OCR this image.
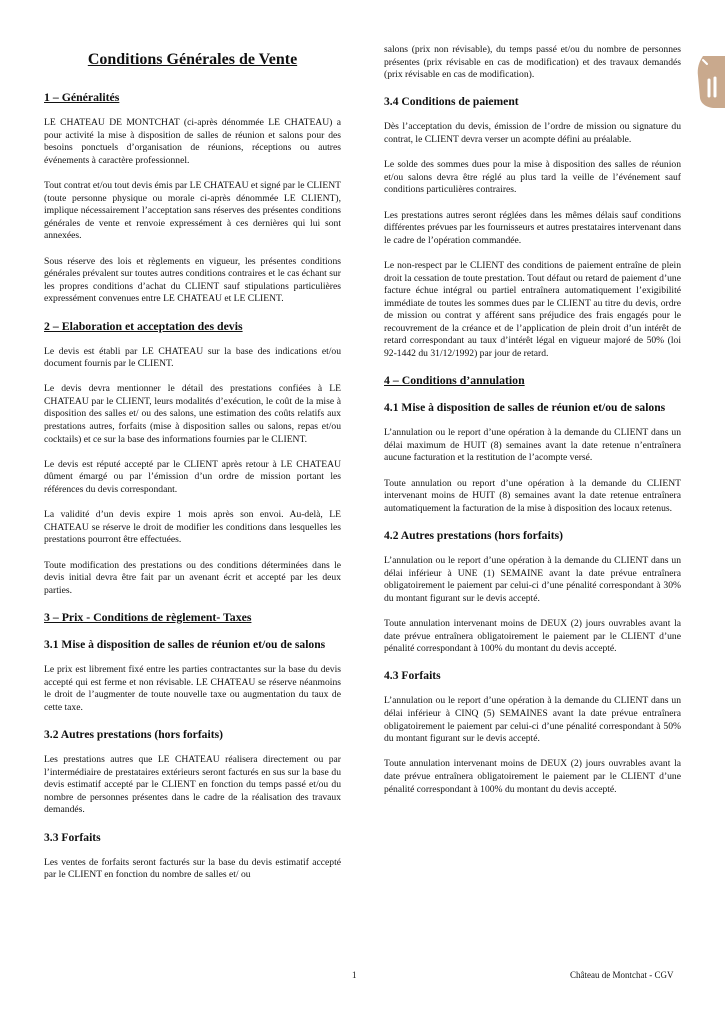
Conditions Générales de Vente
1 – Généralités

LE CHATEAU DE MONTCHAT (ci-après dénommée LE CHATEAU) a pour activité la mise à disposition de salles de réunion et salons pour des besoins ponctuels d’organisation de réunions, réceptions ou autres événements à caractère professionnel.

Tout contrat et/ou tout devis émis par LE CHATEAU et signé par le CLIENT (toute personne physique ou morale ci-après dénommée LE CLIENT), implique nécessairement l’acceptation sans réserves des présentes conditions générales de vente et renvoie expressément à ces dernières qui lui sont annexées.

Sous réserve des lois et règlements en vigueur, les présentes conditions générales prévalent sur toutes autres conditions contraires et le cas échant sur les propres conditions d’achat du CLIENT sauf stipulations particulières expressément convenues entre LE CHATEAU et LE CLIENT.

2 – Elaboration et acceptation des devis

Le devis est établi par LE CHATEAU sur la base des indications et/ou document fournis par le CLIENT.

Le devis devra mentionner le détail des prestations confiées à LE CHATEAU par le CLIENT, leurs modalités d’exécution, le coût de la mise à disposition des salles et/ ou des salons, une estimation des coûts relatifs aux prestations autres, forfaits (mise à disposition salles ou salons, repas et/ou cocktails) et ce sur la base des informations fournies par le CLIENT.

Le devis est réputé accepté par le CLIENT après retour à LE CHATEAU dûment émargé ou par l’émission d’un ordre de mission portant les références du devis correspondant.

La validité d’un devis expire 1 mois après son envoi. Au-delà, LE CHATEAU se réserve le droit de modifier les conditions dans lesquelles les prestations pourront être effectuées.

Toute modification des prestations ou des conditions déterminées dans le devis initial devra être fait par un avenant écrit et accepté par les deux parties.

3 – Prix - Conditions de règlement- Taxes
3.1 Mise à disposition de salles de réunion et/ou de salons

Le prix est librement fixé entre les parties contractantes sur la base du devis accepté qui est ferme et non révisable. LE CHATEAU se réserve néanmoins le droit de l’augmenter de toute nouvelle taxe ou augmentation du taux de cette taxe.

3.2 Autres prestations (hors forfaits)

Les prestations autres que LE CHATEAU réalisera directement ou par l’intermédiaire de prestataires extérieurs seront facturés en sus sur la base du devis estimatif accepté par le CLIENT en fonction du temps passé et/ou du nombre de personnes présentes dans le cadre de la réalisation des travaux demandés.

3.3 Forfaits

Les ventes de forfaits seront facturés sur la base du devis estimatif accepté par le CLIENT en fonction du nombre de salles et/ ou

salons (prix non révisable), du temps passé et/ou du nombre de personnes présentes (prix révisable en cas de modification) et des travaux demandés (prix révisable en cas de modification).

3.4 Conditions de paiement

Dès l’acceptation du devis, émission de l’ordre de mission ou signature du contrat, le CLIENT devra verser un acompte défini au préalable.

Le solde des sommes dues pour la mise à disposition des salles de réunion et/ou salons devra être réglé au plus tard la veille de l’événement sauf conditions particulières contraires.

Les prestations autres seront réglées dans les mêmes délais sauf conditions différentes prévues par les fournisseurs et autres prestataires intervenant dans le cadre de l’opération commandée.

Le non-respect par le CLIENT des conditions de paiement entraîne de plein droit la cessation de toute prestation. Tout défaut ou retard de paiement d’une facture échue intégral ou partiel entraînera automatiquement l’exigibilité immédiate de toutes les sommes dues par le CLIENT au titre du devis, ordre de mission ou contrat y afférent sans préjudice des frais engagés pour le recouvrement de la créance et de l’application de plein droit d’un intérêt de retard correspondant au taux d’intérêt légal en vigueur majoré de 50% (loi 92-1442 du 31/12/1992) par jour de retard.

4 – Conditions d’annulation
4.1 Mise à disposition de salles de réunion et/ou de salons

L’annulation ou le report d’une opération à la demande du CLIENT dans un délai maximum de HUIT (8) semaines avant la date retenue n’entraînera aucune facturation et la restitution de l’acompte versé.

Toute annulation ou report d’une opération à la demande du CLIENT intervenant moins de HUIT (8) semaines avant la date retenue entraînera automatiquement la facturation de la mise à disposition des locaux retenus.

4.2 Autres prestations (hors forfaits)

L’annulation ou le report d’une opération à la demande du CLIENT dans un délai inférieur à UNE (1) SEMAINE avant la date prévue entraînera obligatoirement le paiement par celui-ci d’une pénalité correspondant à 30% du montant figurant sur le devis accepté.

Toute annulation intervenant moins de DEUX (2) jours ouvrables avant la date prévue entraînera obligatoirement le paiement par le CLIENT d’une pénalité correspondant à 100% du montant du devis accepté.

4.3 Forfaits

L’annulation ou le report d’une opération à la demande du CLIENT dans un délai inférieur à CINQ (5) SEMAINES avant la date prévue entraînera obligatoirement le paiement par celui-ci d’une pénalité correspondant à 50% du montant figurant sur le devis accepté.

Toute annulation intervenant moins de DEUX (2) jours ouvrables avant la date prévue entraînera obligatoirement le paiement par le CLIENT d’une pénalité correspondant à 100% du montant du devis accepté.

1	Château de Montchat - CGV
